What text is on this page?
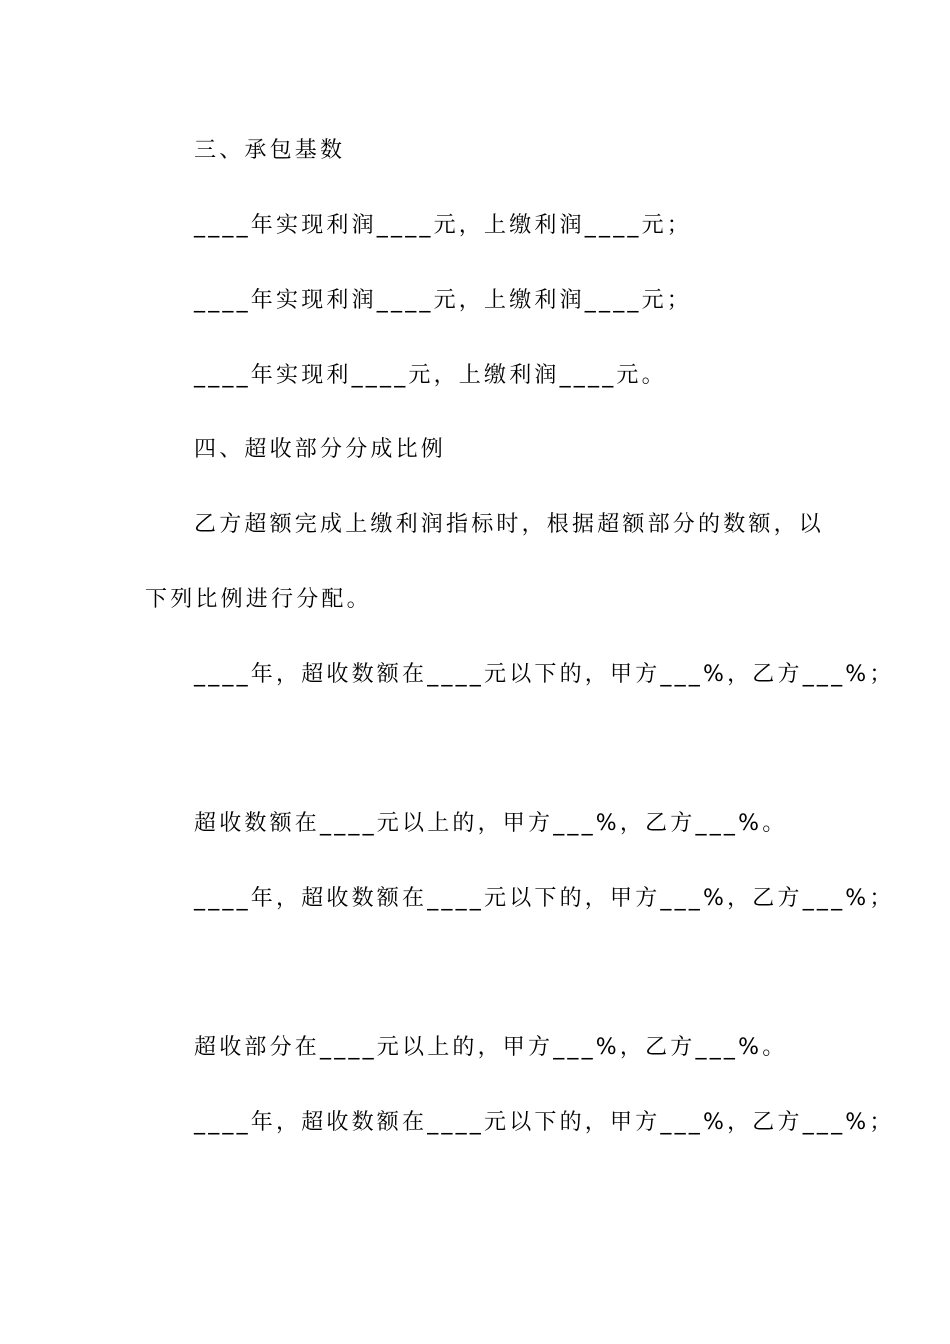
三、承包基数
____年实现利润____元，上缴利润____元；
____年实现利润____元，上缴利润____元；
____年实现利____元，上缴利润____元。
四、超收部分分成比例
乙方超额完成上缴利润指标时，根据超额部分的数额，以
下列比例进行分配。
____年，超收数额在____元以下的，甲方___%，乙方___%；
超收数额在____元以上的，甲方___%，乙方___%。
____年，超收数额在____元以下的，甲方___%，乙方___%；
超收部分在____元以上的，甲方___%，乙方___%。
____年，超收数额在____元以下的，甲方___%，乙方___%；
